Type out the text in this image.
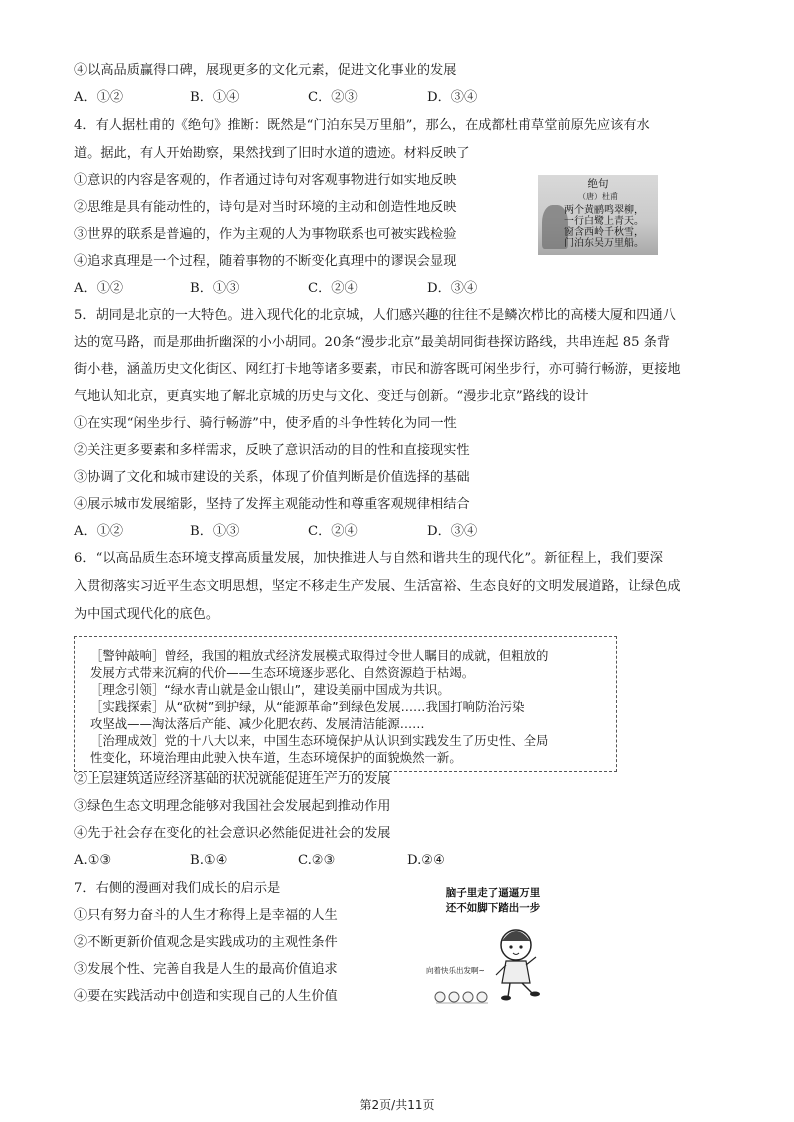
④以高品质赢得口碑，展现更多的文化元素，促进文化事业的发展
A．①②	B．①④	C．②③	D．③④
4．有人据杜甫的《绝句》推断：既然是“门泊东吴万里船”，那么，在成都杜甫草堂前原先应该有水
道。据此，有人开始勘察，果然找到了旧时水道的遗迹。材料反映了
①意识的内容是客观的，作者通过诗句对客观事物进行如实地反映
②思维是具有能动性的，诗句是对当时环境的主动和创造性地反映
③世界的联系是普遍的，作为主观的人为事物联系也可被实践检验
④追求真理是一个过程，随着事物的不断变化真理中的谬误会显现
A．①②	B．①③	C．②④	D．③④
绝句
（唐）杜甫
两个黄鹂鸣翠柳，
一行白鹭上青天。
窗含西岭千秋雪，
门泊东吴万里船。
5．胡同是北京的一大特色。进入现代化的北京城，人们感兴趣的往往不是鳞次栉比的高楼大厦和四通八
达的宽马路，而是那曲折幽深的小小胡同。20条“漫步北京”最美胡同街巷探访路线，共串连起 85 条背
街小巷，涵盖历史文化街区、网红打卡地等诸多要素，市民和游客既可闲坐步行，亦可骑行畅游，更接地
气地认知北京，更真实地了解北京城的历史与文化、变迁与创新。“漫步北京”路线的设计
①在实现“闲坐步行、骑行畅游”中，使矛盾的斗争性转化为同一性
②关注更多要素和多样需求，反映了意识活动的目的性和直接现实性
③协调了文化和城市建设的关系，体现了价值判断是价值选择的基础
④展示城市发展缩影，坚持了发挥主观能动性和尊重客观规律相结合
A．①②	B．①③	C．②④	D．③④
6．“以高品质生态环境支撑高质量发展，加快推进人与自然和谐共生的现代化”。新征程上，我们要深
入贯彻落实习近平生态文明思想，坚定不移走生产发展、生活富裕、生态良好的文明发展道路，让绿色成
为中国式现代化的底色。
［警钟敲响］曾经，我国的粗放式经济发展模式取得过令世人瞩目的成就，但粗放的
发展方式带来沉痾的代价——生态环境逐步恶化、自然资源趋于枯竭。
［理念引领］“绿水青山就是金山银山”，建设美丽中国成为共识。
［实践探索］从“砍树”到护绿，从“能源革命”到绿色发展……我国打响防治污染
攻坚战——淘汰落后产能、减少化肥农药、发展清洁能源……
［治理成效］党的十八大以来，中国生态环境保护从认识到实践发生了历史性、全局
性变化，环境治理由此驶入快车道，生态环境保护的面貌焕然一新。
②上层建筑适应经济基础的状况就能促进生产力的发展
③绿色生态文明理念能够对我国社会发展起到推动作用
④先于社会存在变化的社会意识必然能促进社会的发展
A.①③	B.①④	C.②③	D.②④
7．右侧的漫画对我们成长的启示是
①只有努力奋斗的人生才称得上是幸福的人生
②不断更新价值观念是实践成功的主观性条件
③发展个性、完善自我是人生的最高价值追求
④要在实践活动中创造和实现自己的人生价值
脑子里走了逼逼万里
还不如脚下踏出一步
向着快乐出发啊~
第2页/共11页
